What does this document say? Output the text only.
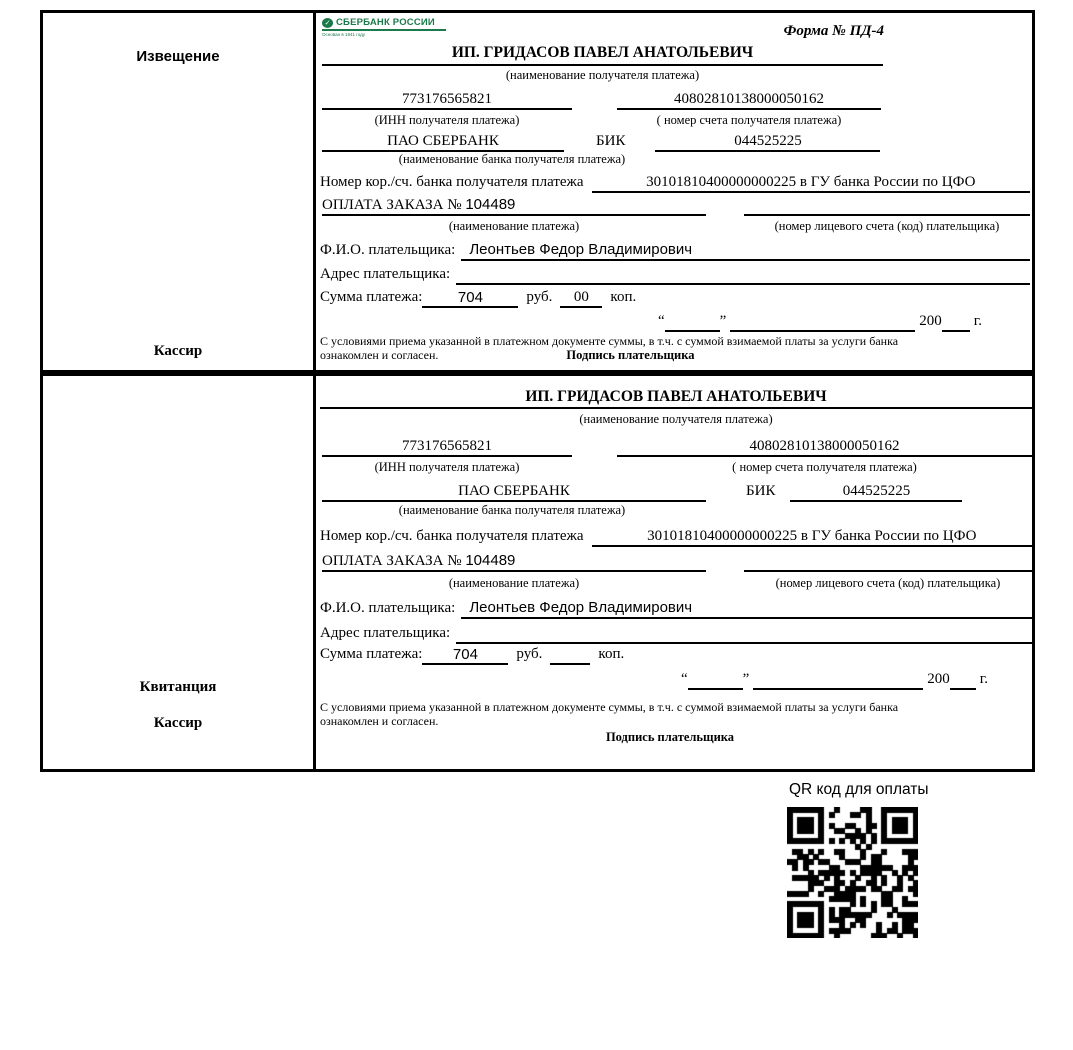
Извещение
Кассир
✓ СБЕРБАНК РОССИИ
Основан в 1841 году	Форма № ПД-4
ИП. ГРИДАСОВ ПАВЕЛ АНАТОЛЬЕВИЧ
(наименование получателя платежа)
773176565821	40802810138000050162
(ИНН получателя платежа)	( номер счета получателя платежа)
ПАО СБЕРБАНК	БИК	044525225
(наименование банка получателя платежа)
Номер кор./сч. банка получателя платежа	30101810400000000225 в ГУ банка России по ЦФО
ОПЛАТА ЗАКАЗА № 104489
(наименование платежа)	(номер лицевого счета (код) плательщика)
Ф.И.О. плательщика: Леонтьев Федор Владимирович
Адрес плательщика:
Сумма платежа:	704	руб.	00	коп.
“	”	200 г.
С условиями приема указанной в платежном документе суммы, в т.ч. с суммой взимаемой платы за услуги банка
ознакомлен и согласен.	Подпись плательщика
Квитанция
Кассир
ИП. ГРИДАСОВ ПАВЕЛ АНАТОЛЬЕВИЧ
(наименование получателя платежа)
773176565821	40802810138000050162
(ИНН получателя платежа)	( номер счета получателя платежа)
ПАО СБЕРБАНК	БИК	044525225
(наименование банка получателя платежа)
Номер кор./сч. банка получателя платежа	30101810400000000225 в ГУ банка России по ЦФО
ОПЛАТА ЗАКАЗА № 104489
(наименование платежа)	(номер лицевого счета (код) плательщика)
Ф.И.О. плательщика: Леонтьев Федор Владимирович
Адрес плательщика:
Сумма платежа:	704	руб.	коп.
“	”	200 г.
С условиями приема указанной в платежном документе суммы, в т.ч. с суммой взимаемой платы за услуги банка
ознакомлен и согласен.
Подпись плательщика
QR код для оплаты
